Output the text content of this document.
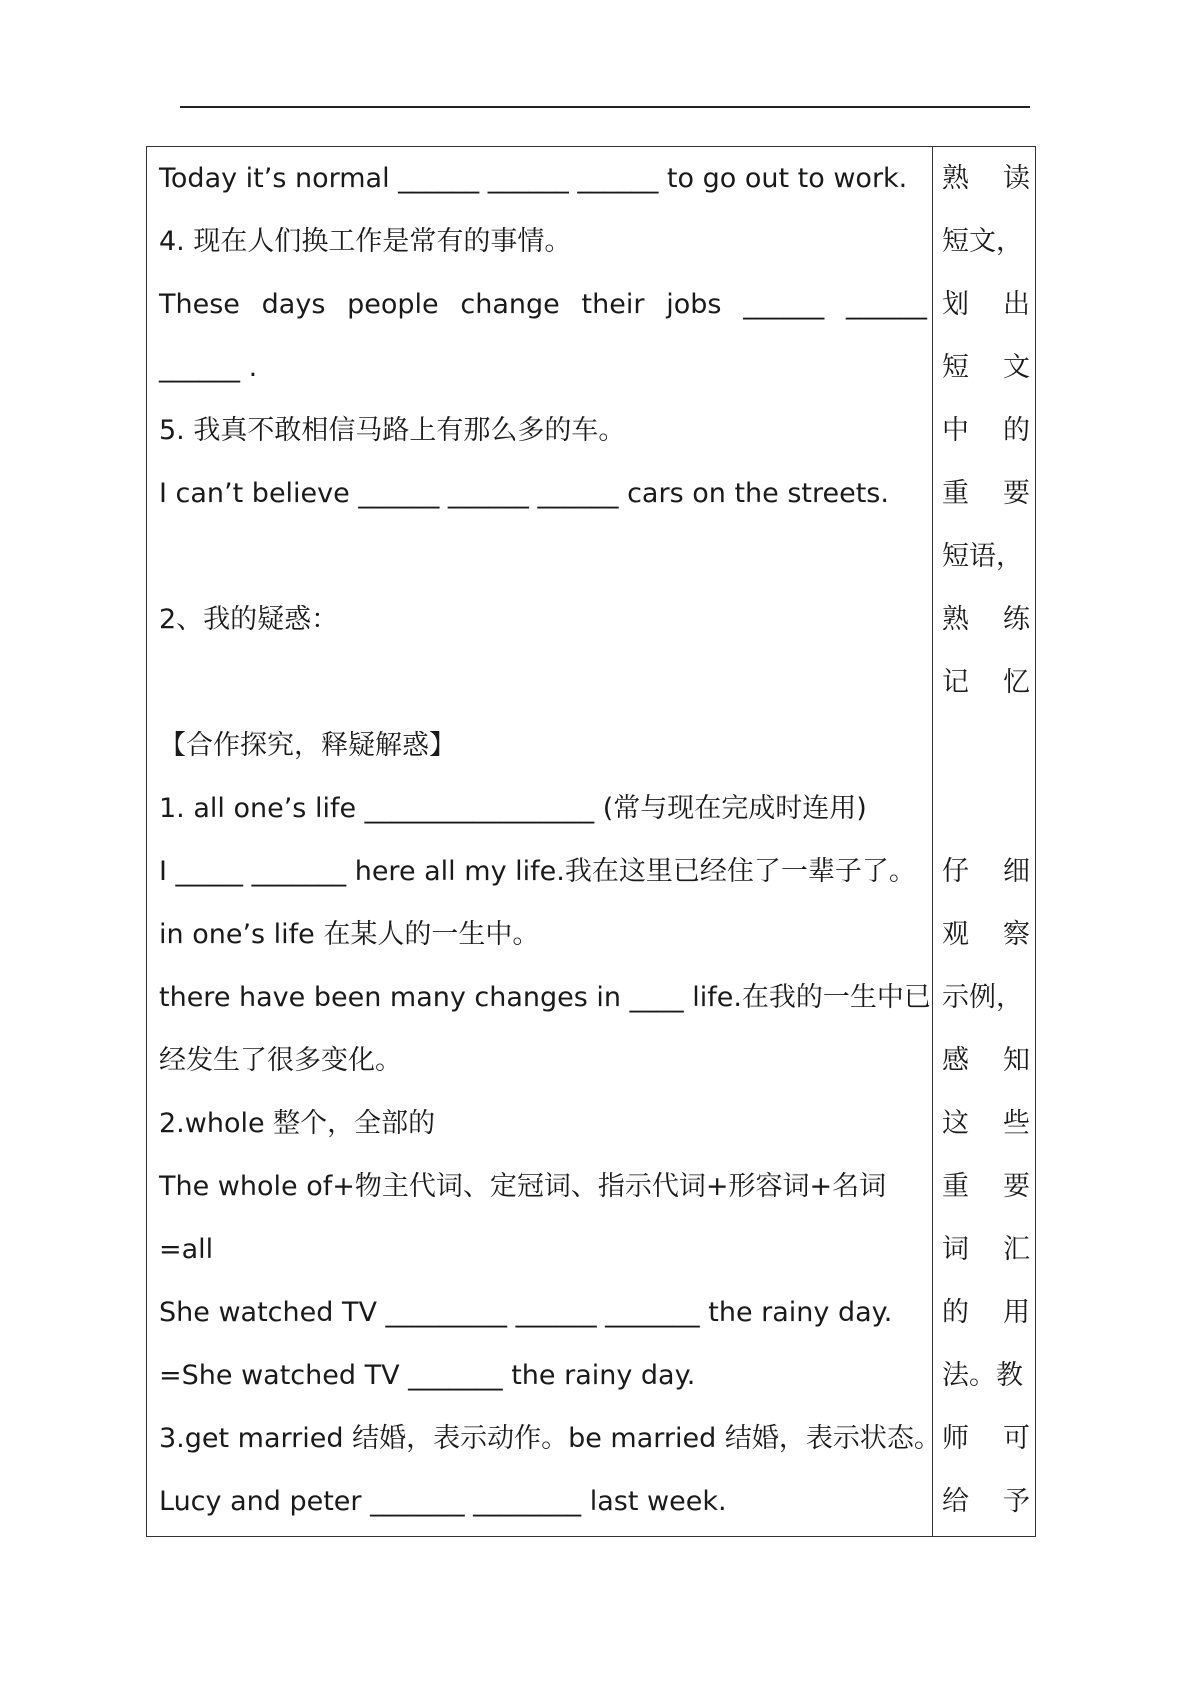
Today it’s normal ______ ______ ______ to go out to work.
4. 现在人们换工作是常有的事情。
These days people change their jobs ______ ______
______ .
5. 我真不敢相信马路上有那么多的车。
I can’t believe ______ ______ ______ cars on the streets.
2、我的疑惑：
【合作探究，释疑解惑】
1. all one’s life _________________ (常与现在完成时连用)
I _____ _______ here all my life.我在这里已经住了一辈子了。
in one’s life 在某人的一生中。
there have been many changes in ____ life.在我的一生中已
经发生了很多变化。
2.whole 整个，全部的
The whole of+物主代词、定冠词、指示代词+形容词+名词
=all
She watched TV _________ ______ _______ the rainy day.
=She watched TV _______ the rainy day.
3.get married 结婚，表示动作。be married 结婚，表示状态。
Lucy and peter _______ ________ last week.
熟 读
短文，
划 出
短 文
中 的
重 要
短语，
熟 练
记 忆
仔 细
观 察
示例，
感 知
这 些
重 要
词 汇
的 用
法。教
师 可
给 予
